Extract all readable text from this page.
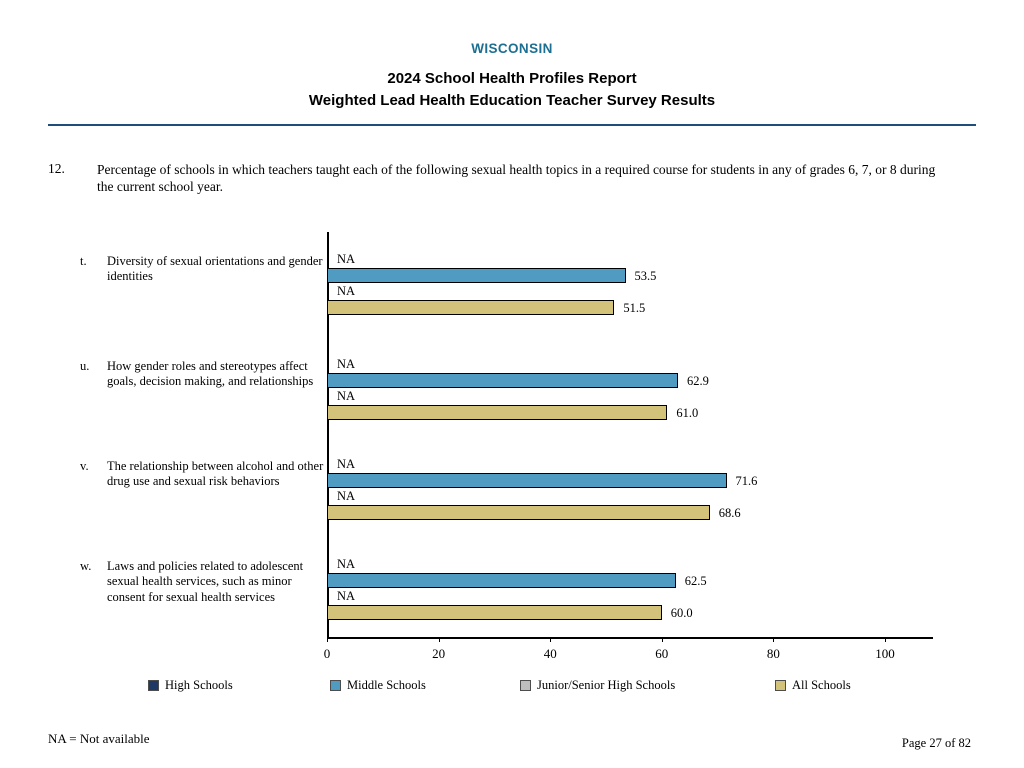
WISCONSIN
2024 School Health Profiles Report
Weighted Lead Health Education Teacher Survey Results
12. Percentage of schools in which teachers taught each of the following sexual health topics in a required course for students in any of grades 6, 7, or 8 during the current school year.
t.	Diversity of sexual orientations and gender identities
NA
53.5
NA
51.5
u.	How gender roles and stereotypes affect goals, decision making, and relationships
NA
62.9
NA
61.0
v.	The relationship between alcohol and other drug use and sexual risk behaviors
NA
71.6
NA
68.6
w.	Laws and policies related to adolescent sexual health services, such as minor consent for sexual health services
NA
62.5
NA
60.0
0	20	40	60	80	100
High Schools	Middle Schools	Junior/Senior High Schools	All Schools
NA = Not available	Page 27 of 82
